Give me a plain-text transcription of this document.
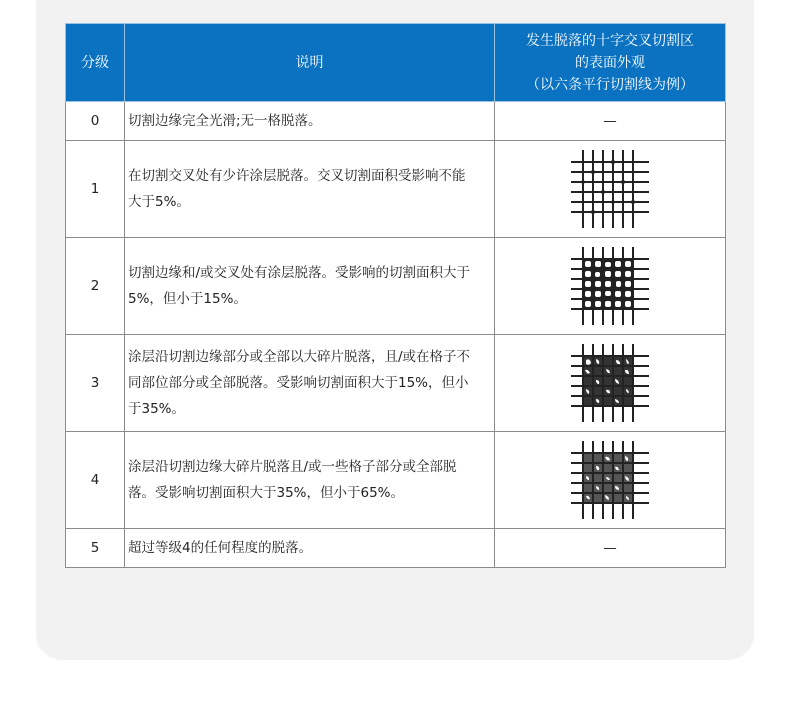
分级	说明	发生脱落的十字交叉切割区
的表面外观
（以六条平行切割线为例）

0	切割边缘完全光滑;无一格脱落。	—
1	在切割交叉处有少许涂层脱落。交叉切割面积受影响不能大于5%。	

2	切割边缘和/或交叉处有涂层脱落。受影响的切割面积大于5%，但小于15%。	

3	涂层沿切割边缘部分或全部以大碎片脱落，且/或在格子不同部位部分或全部脱落。受影响切割面积大于15%，但小于35%。	

4	涂层沿切割边缘大碎片脱落且/或一些格子部分或全部脱落。受影响切割面积大于35%，但小于65%。	

5	超过等级4的任何程度的脱落。	—
